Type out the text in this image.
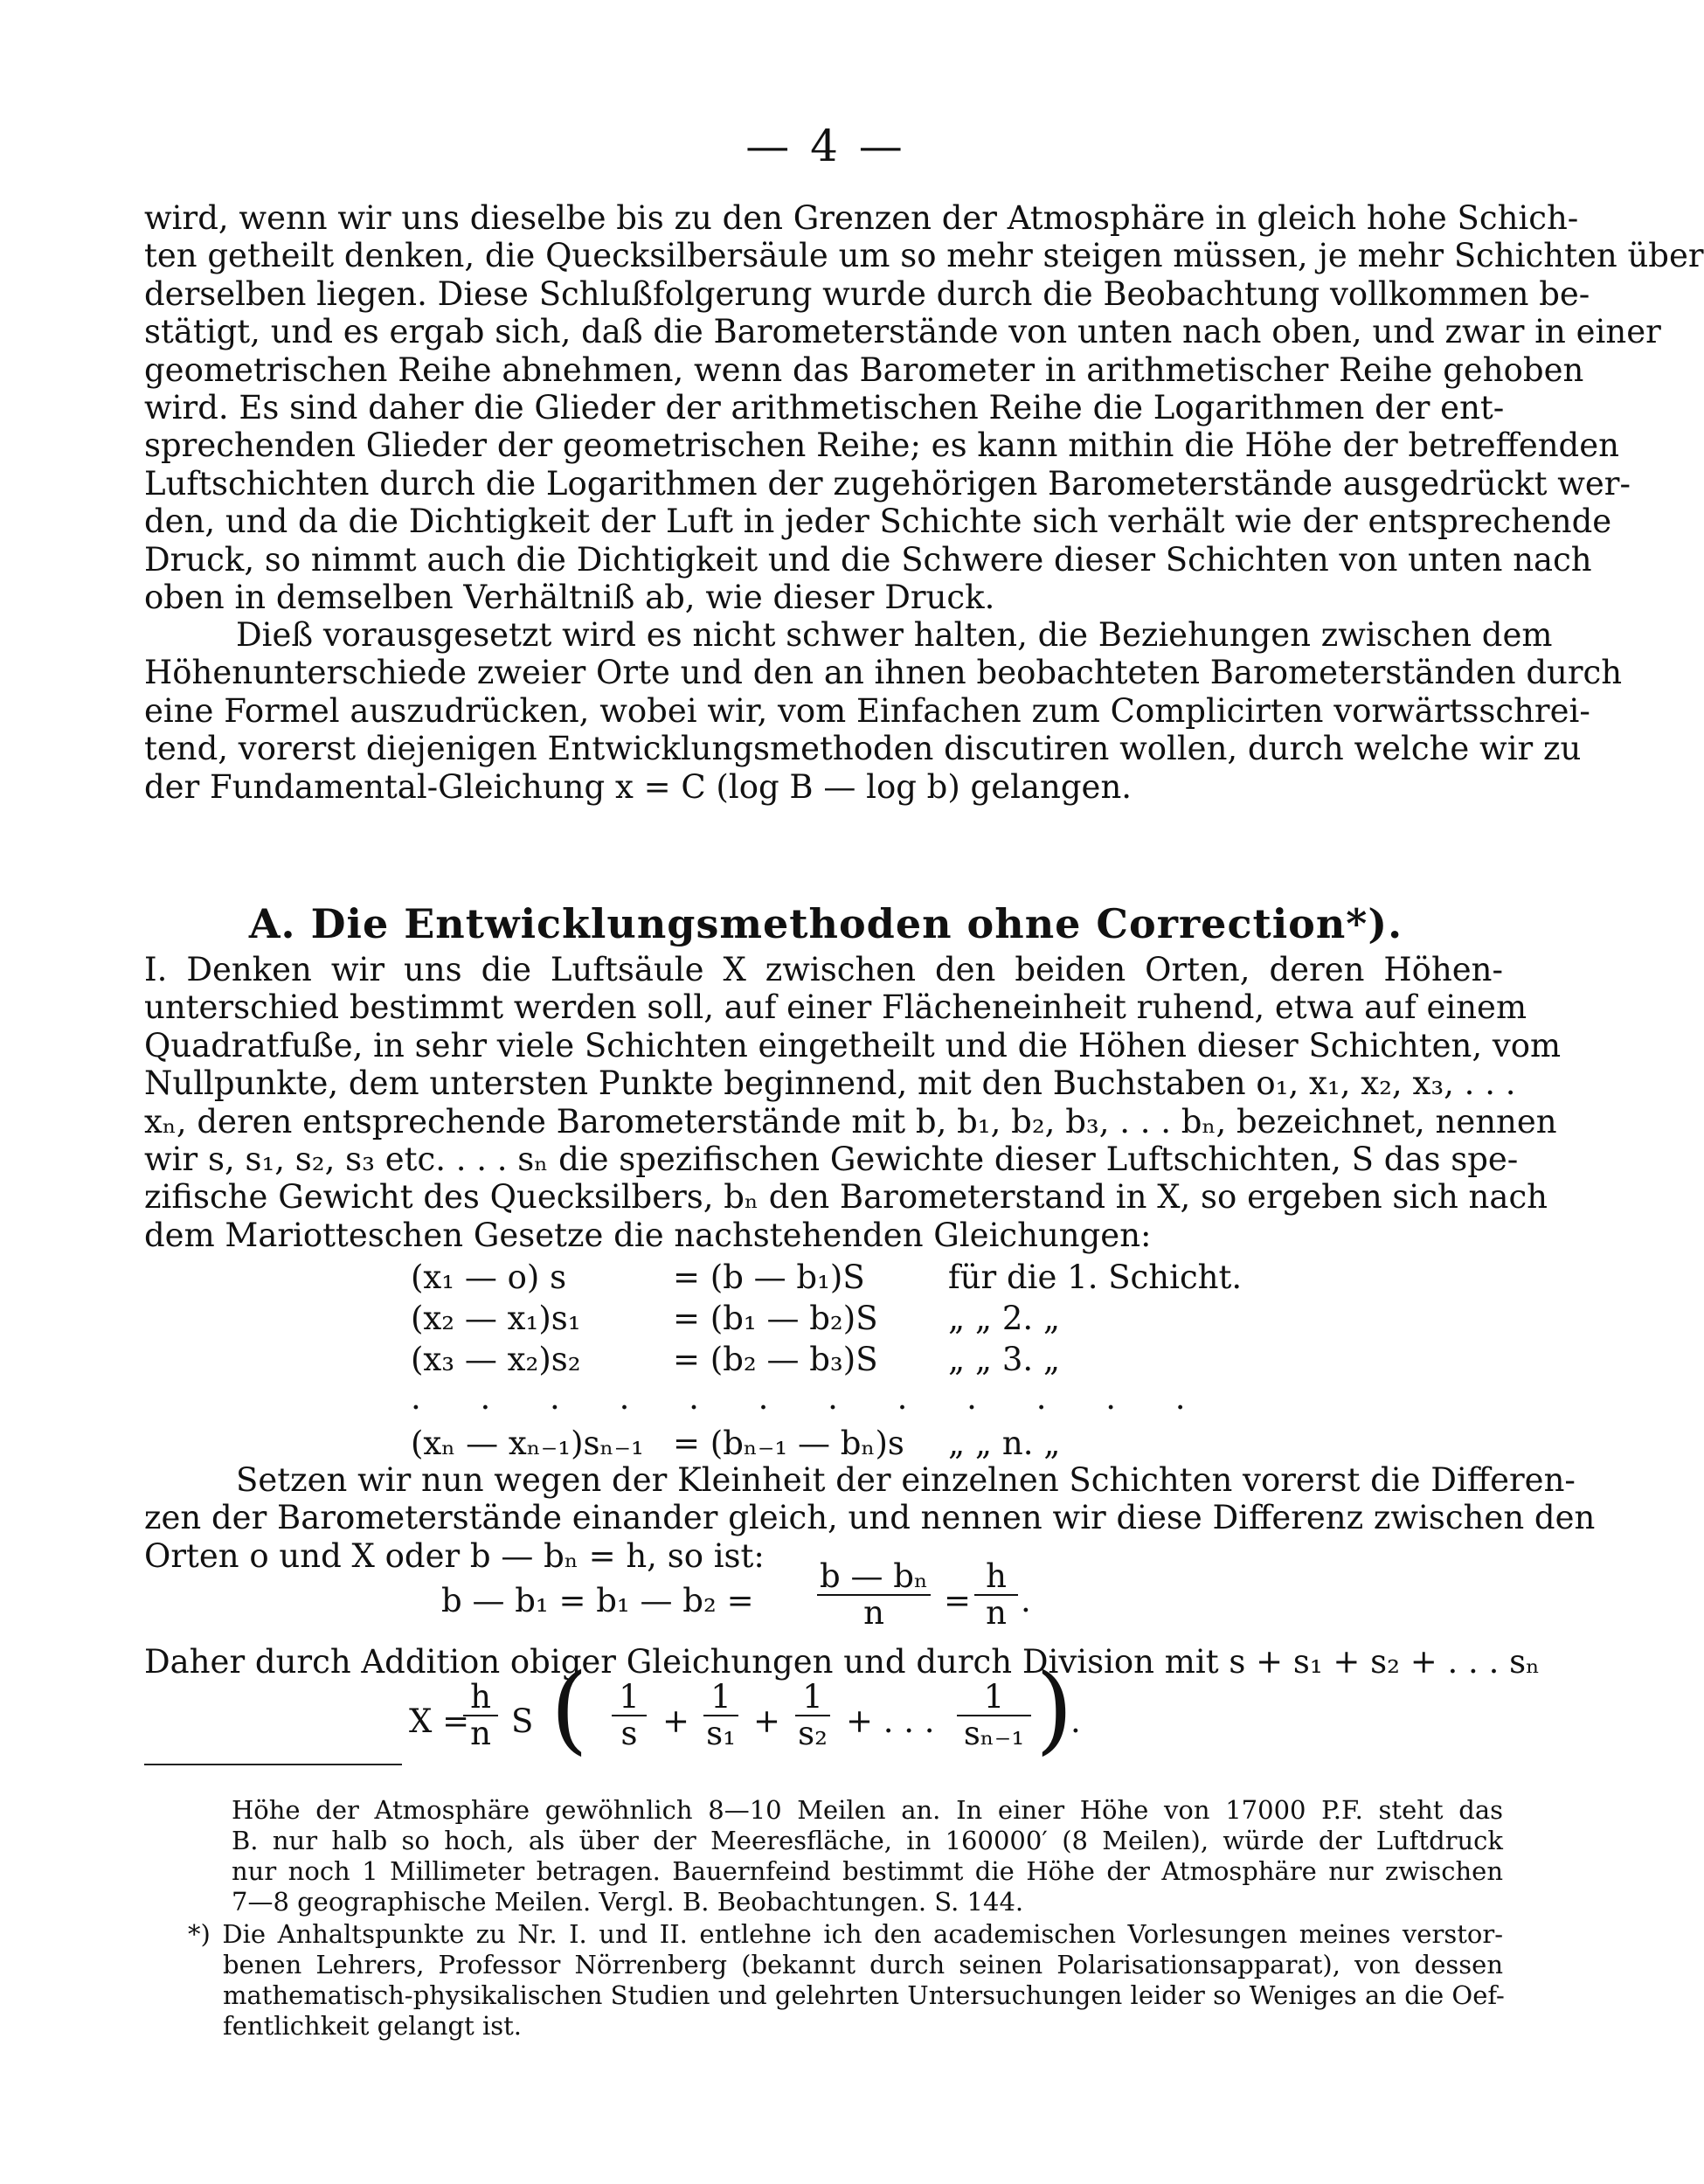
— 4 —
wird, wenn wir uns dieselbe bis zu den Grenzen der Atmosphäre in gleich hohe Schich-
ten getheilt denken, die Quecksilbersäule um so mehr steigen müssen, je mehr Schichten über
derselben liegen. Diese Schlußfolgerung wurde durch die Beobachtung vollkommen be-
stätigt, und es ergab sich, daß die Barometerstände von unten nach oben, und zwar in einer
geometrischen Reihe abnehmen, wenn das Barometer in arithmetischer Reihe gehoben
wird. Es sind daher die Glieder der arithmetischen Reihe die Logarithmen der ent-
sprechenden Glieder der geometrischen Reihe; es kann mithin die Höhe der betreffenden
Luftschichten durch die Logarithmen der zugehörigen Barometerstände ausgedrückt wer-
den, und da die Dichtigkeit der Luft in jeder Schichte sich verhält wie der entsprechende
Druck, so nimmt auch die Dichtigkeit und die Schwere dieser Schichten von unten nach
oben in demselben Verhältniß ab, wie dieser Druck.
Dieß vorausgesetzt wird es nicht schwer halten, die Beziehungen zwischen dem
Höhenunterschiede zweier Orte und den an ihnen beobachteten Barometerständen durch
eine Formel auszudrücken, wobei wir, vom Einfachen zum Complicirten vorwärtsschrei-
tend, vorerst diejenigen Entwicklungsmethoden discutiren wollen, durch welche wir zu
der Fundamental-Gleichung x = C (log B — log b) gelangen.
A. Die Entwicklungsmethoden ohne Correction*).
I. Denken wir uns die Luftsäule X zwischen den beiden Orten, deren Höhen-
unterschied bestimmt werden soll, auf einer Flächeneinheit ruhend, etwa auf einem
Quadratfuße, in sehr viele Schichten eingetheilt und die Höhen dieser Schichten, vom
Nullpunkte, dem untersten Punkte beginnend, mit den Buchstaben o₁, x₁, x₂, x₃, . . .
xₙ, deren entsprechende Barometerstände mit b, b₁, b₂, b₃, . . . bₙ, bezeichnet, nennen
wir s, s₁, s₂, s₃ etc. . . . sₙ die spezifischen Gewichte dieser Luftschichten, S das spe-
zifische Gewicht des Quecksilbers, bₙ den Barometerstand in X, so ergeben sich nach
dem Mariotteschen Gesetze die nachstehenden Gleichungen:
(x₁ — o) s	= (b — b₁)S	für die 1. Schicht.
(x₂ — x₁)s₁	= (b₁ — b₂)S „ „ 2. „
(x₃ — x₂)s₂	= (b₂ — b₃)S „ „ 3. „
. . . . . . . . . . . .
(xₙ — xₙ₋₁)sₙ₋₁ = (bₙ₋₁ — bₙ)s „ „ n. „
Setzen wir nun wegen der Kleinheit der einzelnen Schichten vorerst die Differen-
zen der Barometerstände einander gleich, und nennen wir diese Differenz zwischen den
Orten o und X oder b — bₙ = h, so ist:
b — b₁ = b₁ — $b_2 = \frac{\text{b — bₙ}}{n} = \frac{h}{n}$ .
Daher durch Addition obiger Gleichungen und durch Division mit s + s₁ + s₂ + . . . sₙ
X =
$\frac{h}{n}$ S ( $\frac{1}{s} + \frac{1}{\text{s₁}} + \frac{1}{\text{s₂}}$ + . . . $\frac{1}{\text{sₙ₋₁}}$ )
.
Höhe der Atmosphäre gewöhnlich 8—10 Meilen an. In einer Höhe von 17000 P.F. steht das
B. nur halb so hoch, als über der Meeresfläche, in 160000′ (8 Meilen), würde der Luftdruck
nur noch 1 Millimeter betragen. Bauernfeind bestimmt die Höhe der Atmosphäre nur zwischen
7—8 geographische Meilen. Vergl. B. Beobachtungen. S. 144.
*) Die Anhaltspunkte zu Nr. I. und II. entlehne ich den academischen Vorlesungen meines verstor-
benen Lehrers, Professor Nörrenberg (bekannt durch seinen Polarisationsapparat), von dessen
mathematisch-physikalischen Studien und gelehrten Untersuchungen leider so Weniges an die Oef-
fentlichkeit gelangt ist.
